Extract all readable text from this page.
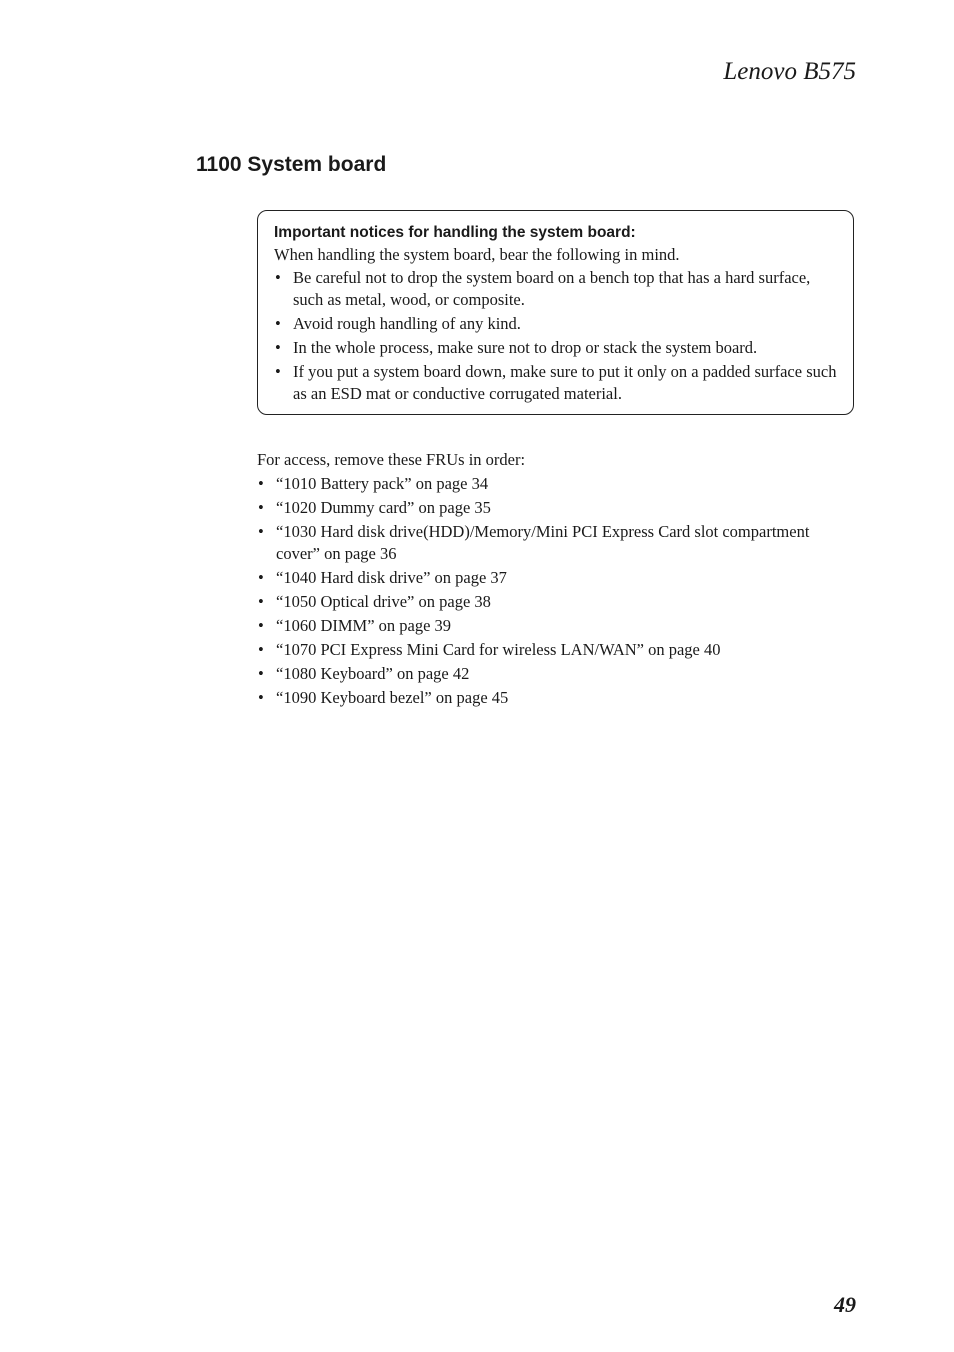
Lenovo B575
1100 System board
Important notices for handling the system board:
When handling the system board, bear the following in mind.
• Be careful not to drop the system board on a bench top that has a hard surface, such as metal, wood, or composite.
• Avoid rough handling of any kind.
• In the whole process, make sure not to drop or stack the system board.
• If you put a system board down, make sure to put it only on a padded surface such as an ESD mat or conductive corrugated material.
For access, remove these FRUs in order:
• “1010 Battery pack” on page 34
• “1020 Dummy card” on page 35
• “1030 Hard disk drive(HDD)/Memory/Mini PCI Express Card slot compartment cover” on page 36
• “1040 Hard disk drive” on page 37
• “1050 Optical drive” on page 38
• “1060 DIMM” on page 39
• “1070 PCI Express Mini Card for wireless LAN/WAN” on page 40
• “1080 Keyboard” on page 42
• “1090 Keyboard bezel” on page 45
49
